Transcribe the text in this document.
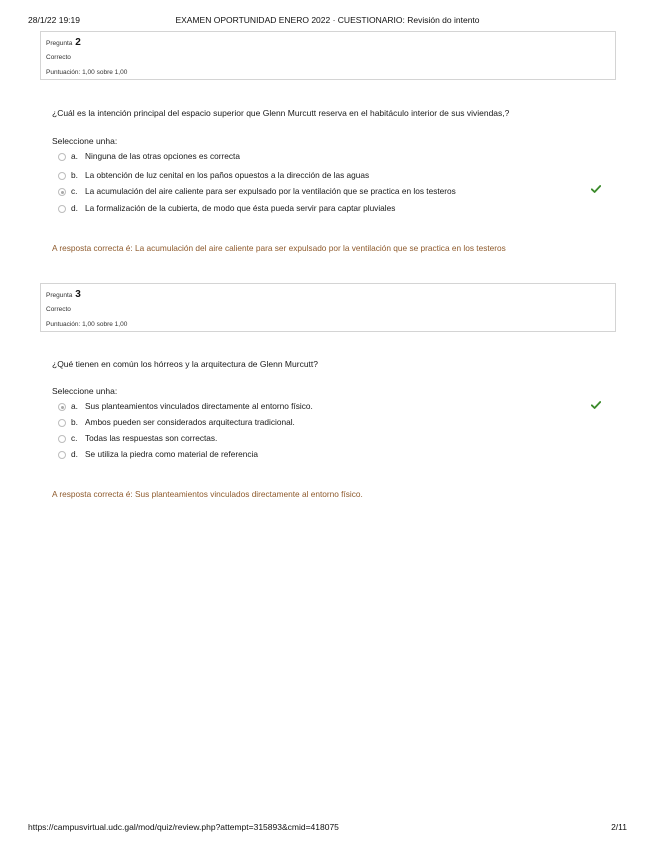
28/1/22 19:19	EXAMEN OPORTUNIDAD ENERO 2022 · CUESTIONARIO: Revisión do intento
Pregunta 2
Correcto
Puntuación: 1,00 sobre 1,00
¿Cuál es la intención principal del espacio superior que Glenn Murcutt reserva en el habitáculo interior de sus viviendas,?
Seleccione unha:
a. Ninguna de las otras opciones es correcta
b. La obtención de luz cenital en los paños opuestos a la dirección de las aguas
c. La acumulación del aire caliente para ser expulsado por la ventilación que se practica en los testeros
d. La formalización de la cubierta, de modo que ésta pueda servir para captar pluviales
A resposta correcta é: La acumulación del aire caliente para ser expulsado por la ventilación que se practica en los testeros
Pregunta 3
Correcto
Puntuación: 1,00 sobre 1,00
¿Qué tienen en común los hórreos y la arquitectura de Glenn Murcutt?
Seleccione unha:
a. Sus planteamientos vinculados directamente al entorno físico.
b. Ambos pueden ser considerados arquitectura tradicional.
c. Todas las respuestas son correctas.
d. Se utiliza la piedra como material de referencia
A resposta correcta é: Sus planteamientos vinculados directamente al entorno físico.
https://campusvirtual.udc.gal/mod/quiz/review.php?attempt=315893&cmid=418075	2/11
